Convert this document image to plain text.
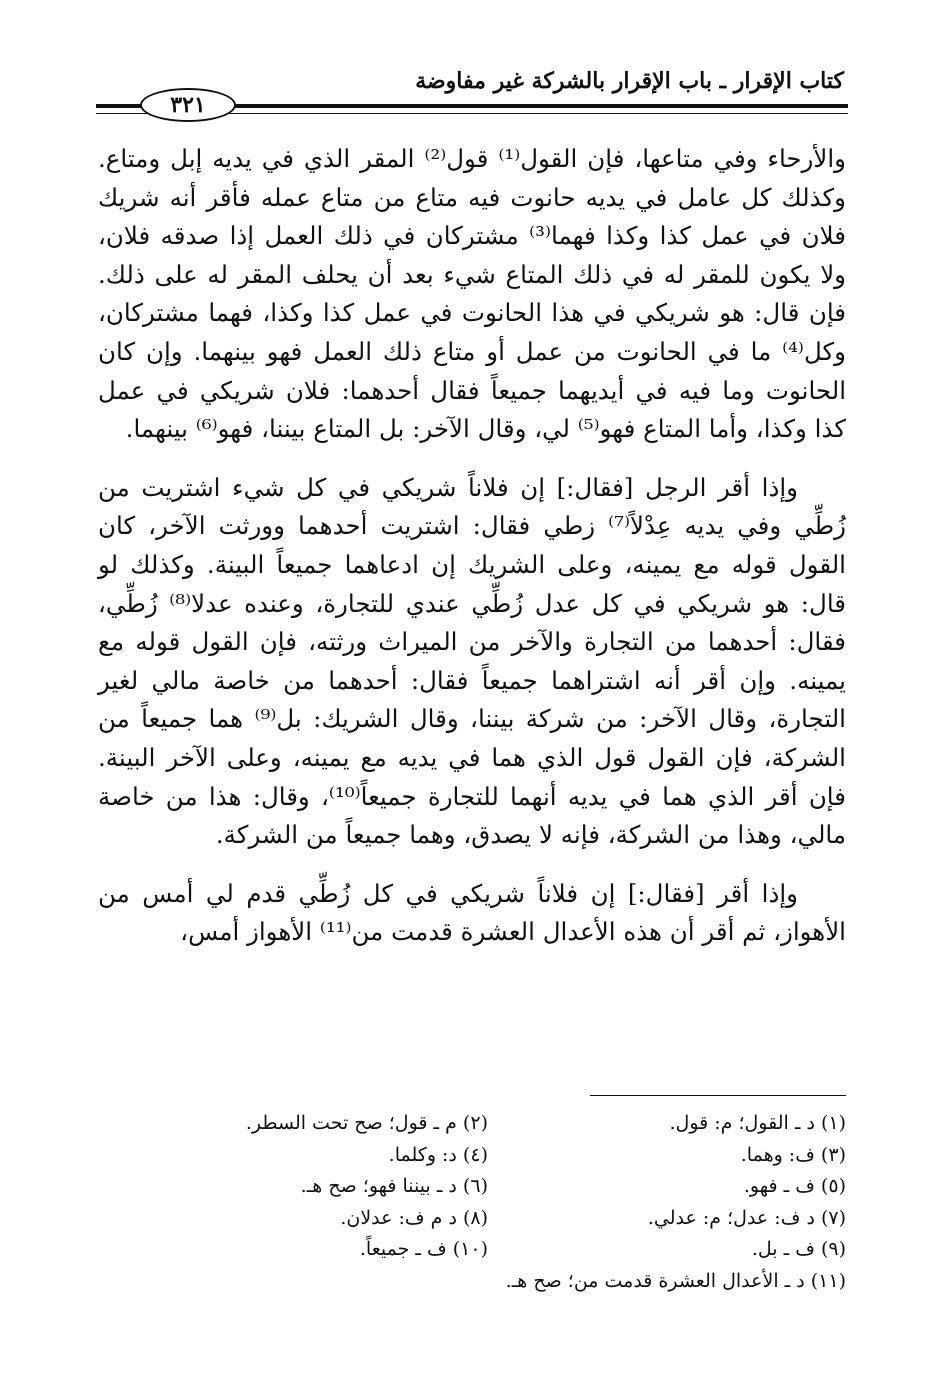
كتاب الإقرار ـ باب الإقرار بالشركة غير مفاوضة
٣٢١

والأرحاء وفي متاعها، فإن القول⁽¹⁾ قول⁽²⁾ المقر الذي في يديه إبل ومتاع. وكذلك كل عامل في يديه حانوت فيه متاع من متاع عمله فأقر أنه شريك فلان في عمل كذا وكذا فهما⁽³⁾ مشتركان في ذلك العمل إذا صدقه فلان، ولا يكون للمقر له في ذلك المتاع شيء بعد أن يحلف المقر له على ذلك. فإن قال: هو شريكي في هذا الحانوت في عمل كذا وكذا، فهما مشتركان، وكل⁽⁴⁾ ما في الحانوت من عمل أو متاع ذلك العمل فهو بينهما. وإن كان الحانوت وما فيه في أيديهما جميعاً فقال أحدهما: فلان شريكي في عمل كذا وكذا، وأما المتاع فهو⁽⁵⁾ لي، وقال الآخر: بل المتاع بيننا، فهو⁽⁶⁾ بينهما.

وإذا أقر الرجل [فقال:] إن فلاناً شريكي في كل شيء اشتريت من زُطِّي وفي يديه عِدْلاً⁽⁷⁾ زطي فقال: اشتريت أحدهما وورثت الآخر، كان القول قوله مع يمينه، وعلى الشريك إن ادعاهما جميعاً البينة. وكذلك لو قال: هو شريكي في كل عدل زُطِّي عندي للتجارة، وعنده عدلا⁽⁸⁾ زُطِّي، فقال: أحدهما من التجارة والآخر من الميراث ورثته، فإن القول قوله مع يمينه. وإن أقر أنه اشتراهما جميعاً فقال: أحدهما من خاصة مالي لغير التجارة، وقال الآخر: من شركة بيننا، وقال الشريك: بل⁽⁹⁾ هما جميعاً من الشركة، فإن القول قول الذي هما في يديه مع يمينه، وعلى الآخر البينة. فإن أقر الذي هما في يديه أنهما للتجارة جميعاً⁽¹⁰⁾، وقال: هذا من خاصة مالي، وهذا من الشركة، فإنه لا يصدق، وهما جميعاً من الشركة.

وإذا أقر [فقال:] إن فلاناً شريكي في كل زُطِّي قدم لي أمس من الأهواز، ثم أقر أن هذه الأعدال العشرة قدمت من⁽¹¹⁾ الأهواز أمس،

(١) د ـ القول؛ م: قول.
(٢) م ـ قول؛ صح تحت السطر.
(٣) ف: وهما.
(٤) د: وكلما.
(٥) ف ـ فهو.
(٦) د ـ بيننا فهو؛ صح هـ.
(٧) د ف: عدل؛ م: عدلي.
(٨) د م ف: عدلان.
(٩) ف ـ بل.
(١٠) ف ـ جميعاً.
(١١) د ـ الأعدال العشرة قدمت من؛ صح هـ.
